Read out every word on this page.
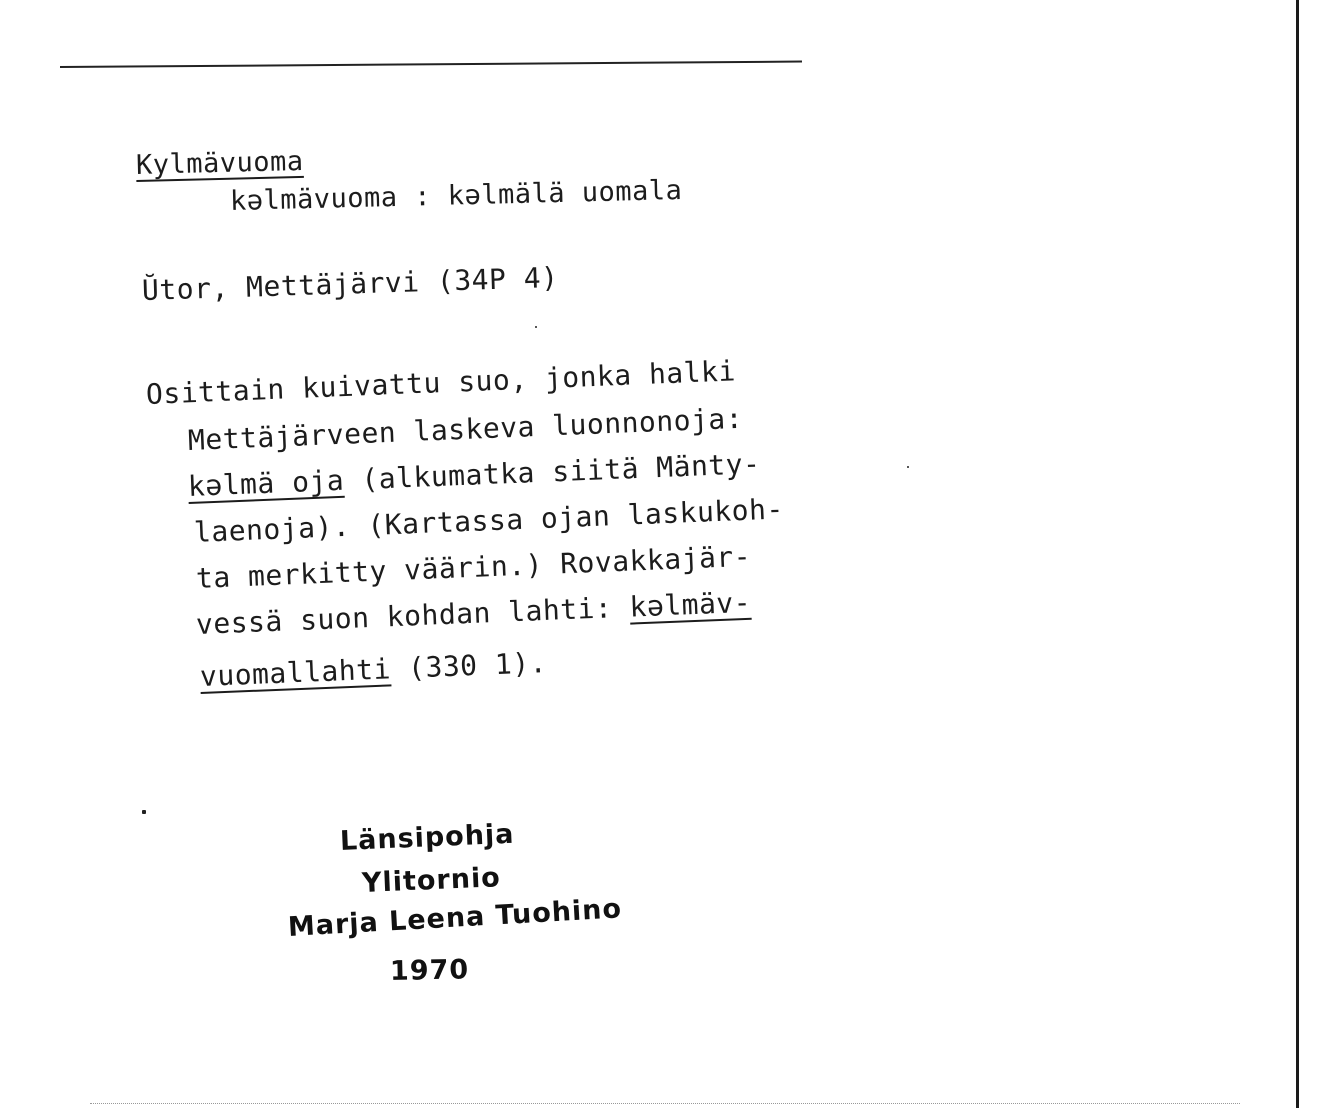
Kylmävuoma

kəlmävuoma : kəlmälä uomala

Ŭtor, Mettäjärvi (34P 4)

Osittain kuivattu suo, jonka halki

Mettäjärveen laskeva luonnonoja:

kəlmä oja (alkumatka siitä Mänty-

laenoja). (Kartassa ojan laskukoh-

ta merkitty väärin.) Rovakkajär-

vessä suon kohdan lahti: kəlmäv-

vuomallahti (330 1).

Länsipohja

Ylitornio

Marja Leena Tuohino

1970
